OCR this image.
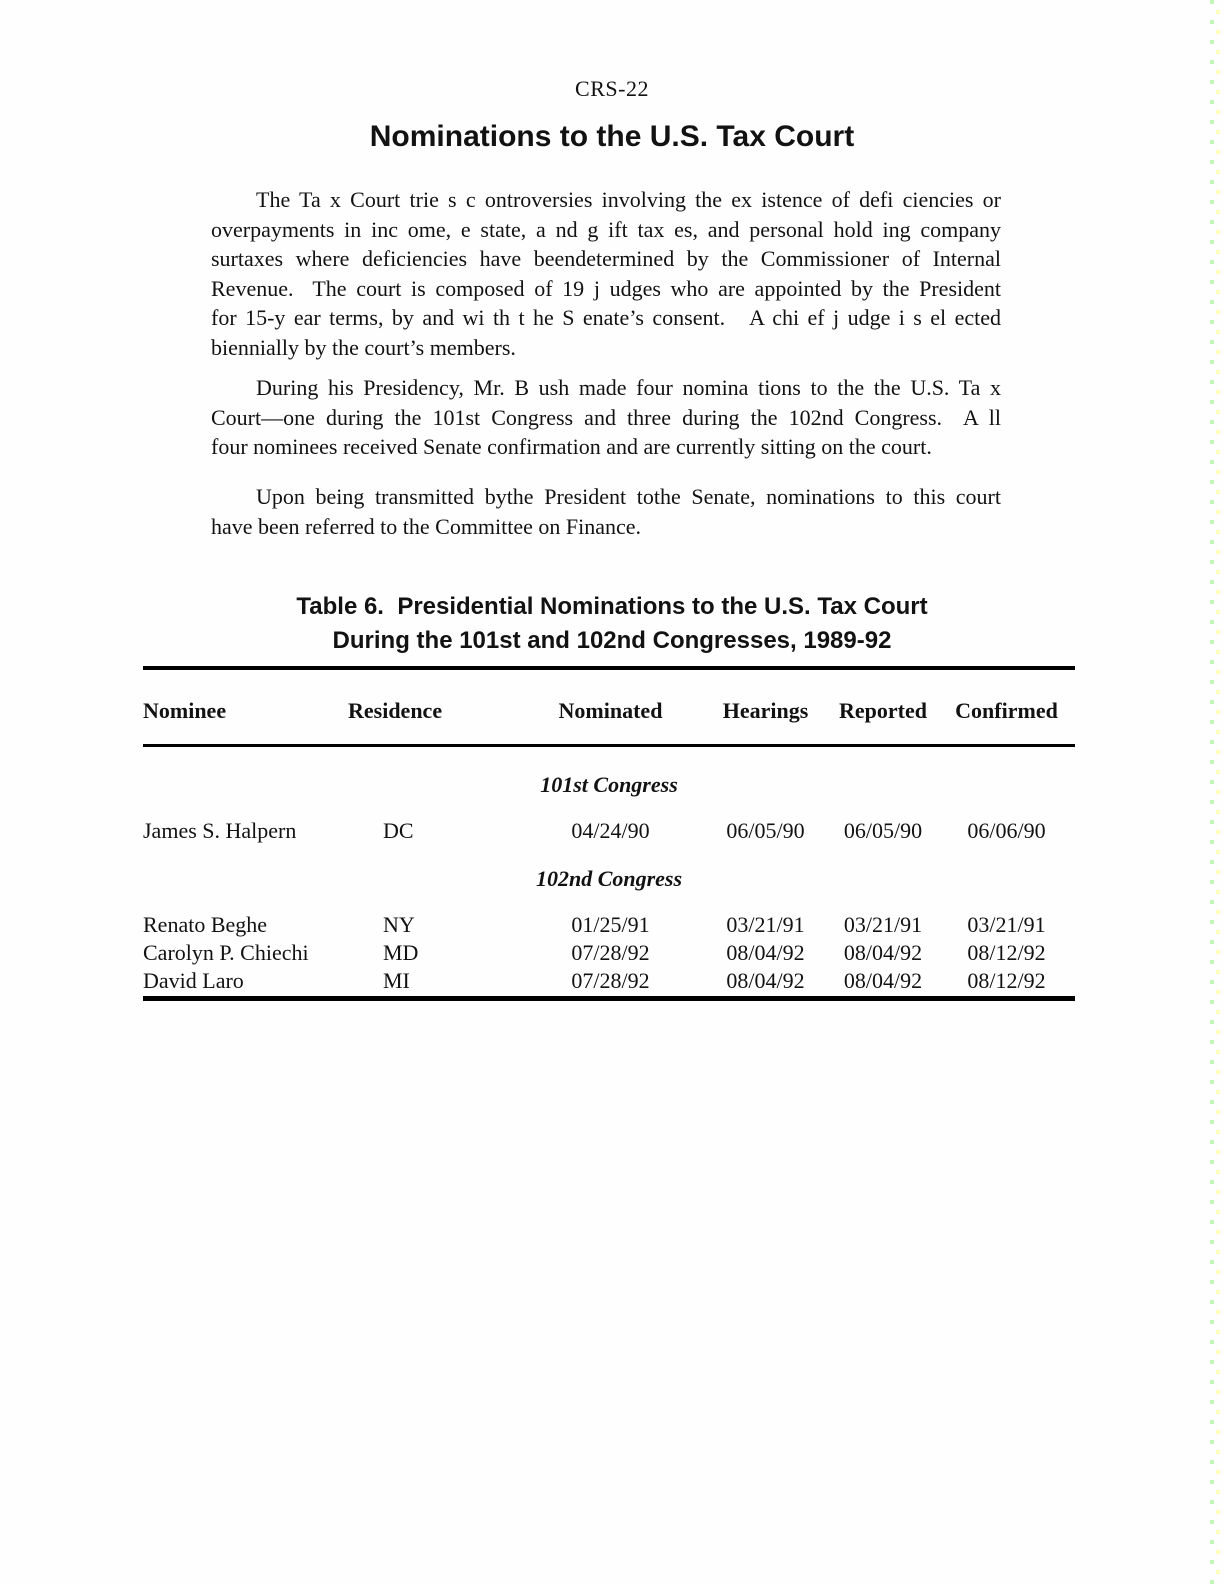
CRS-22
Nominations to the U.S. Tax Court
The Ta x Court trie s c ontroversies involving the ex istence of defi ciencies or
overpayments in inc ome, e state, a nd g ift tax es, and personal hold ing company
surtaxes where deficiencies have beendetermined by the Commissioner of Internal
Revenue.  The court is composed of 19 j udges who are appointed by the President
for 15-y ear terms, by and wi th t he S enate’s consent.   A chi ef j udge i s el ected
biennially by the court’s members.
During his Presidency, Mr. B ush made four nomina tions to the the U.S. Ta x
Court—one during the 101st Congress and three during the 102nd Congress.  A ll
four nominees received Senate confirmation and are currently sitting on the court.
Upon being transmitted bythe President tothe Senate, nominations to this court
have been referred to the Committee on Finance.
Table 6.  Presidential Nominations to the U.S. Tax Court
During the 101st and 102nd Congresses, 1989-92
Nominee	Residence	Nominated	Hearings	Reported	Confirmed
101st Congress
James S. Halpern	DC	04/24/90	06/05/90	06/05/90	06/06/90
102nd Congress
Renato Beghe	NY	01/25/91	03/21/91	03/21/91	03/21/91
Carolyn P. Chiechi	MD	07/28/92	08/04/92	08/04/92	08/12/92
David Laro	MI	07/28/92	08/04/92	08/04/92	08/12/92
